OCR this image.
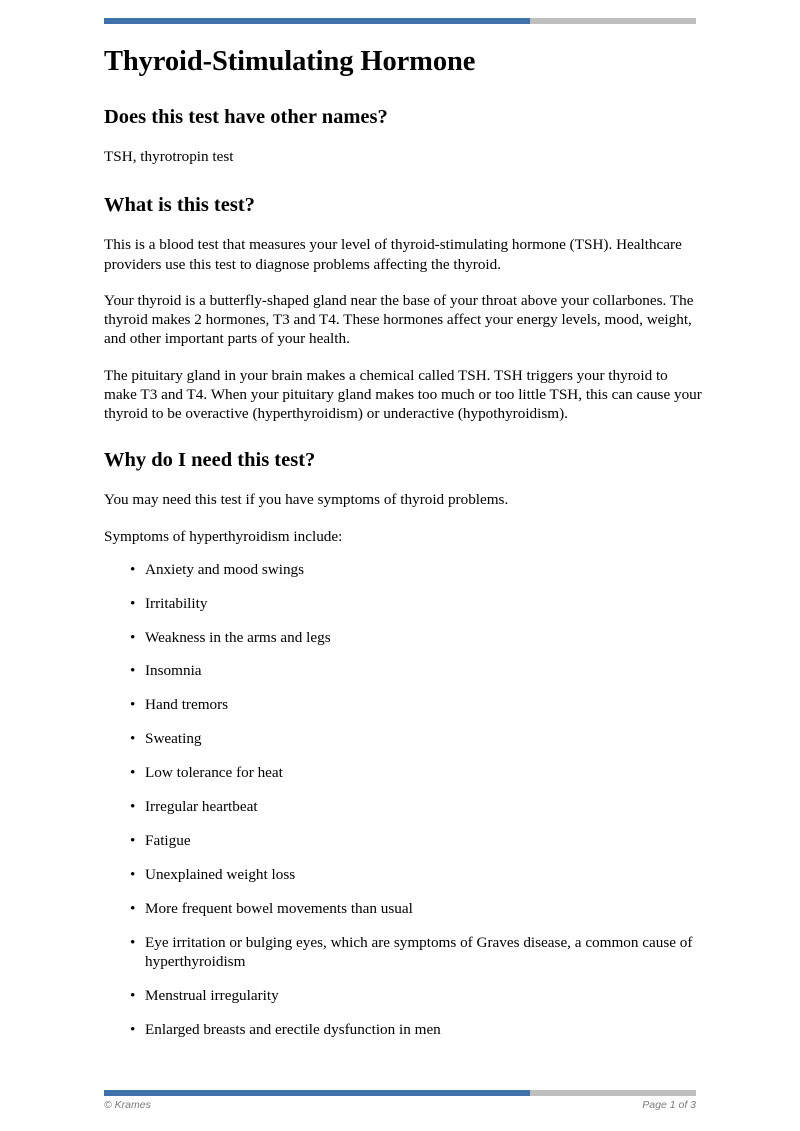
Thyroid-Stimulating Hormone
Does this test have other names?

TSH, thyrotropin test

What is this test?

This is a blood test that measures your level of thyroid-stimulating hormone (TSH). Healthcare providers use this test to diagnose problems affecting the thyroid.

Your thyroid is a butterfly-shaped gland near the base of your throat above your collarbones. The thyroid makes 2 hormones, T3 and T4. These hormones affect your energy levels, mood, weight, and other important parts of your health.

The pituitary gland in your brain makes a chemical called TSH. TSH triggers your thyroid to make T3 and T4. When your pituitary gland makes too much or too little TSH, this can cause your thyroid to be overactive (hyperthyroidism) or underactive (hypothyroidism).

Why do I need this test?

You may need this test if you have symptoms of thyroid problems.

Symptoms of hyperthyroidism include:

• Anxiety and mood swings
• Irritability
• Weakness in the arms and legs
• Insomnia
• Hand tremors
• Sweating
• Low tolerance for heat
• Irregular heartbeat
• Fatigue
• Unexplained weight loss
• More frequent bowel movements than usual
• Eye irritation or bulging eyes, which are symptoms of Graves disease, a common cause of hyperthyroidism
• Menstrual irregularity
• Enlarged breasts and erectile dysfunction in men
© Krames	Page 1 of 3
